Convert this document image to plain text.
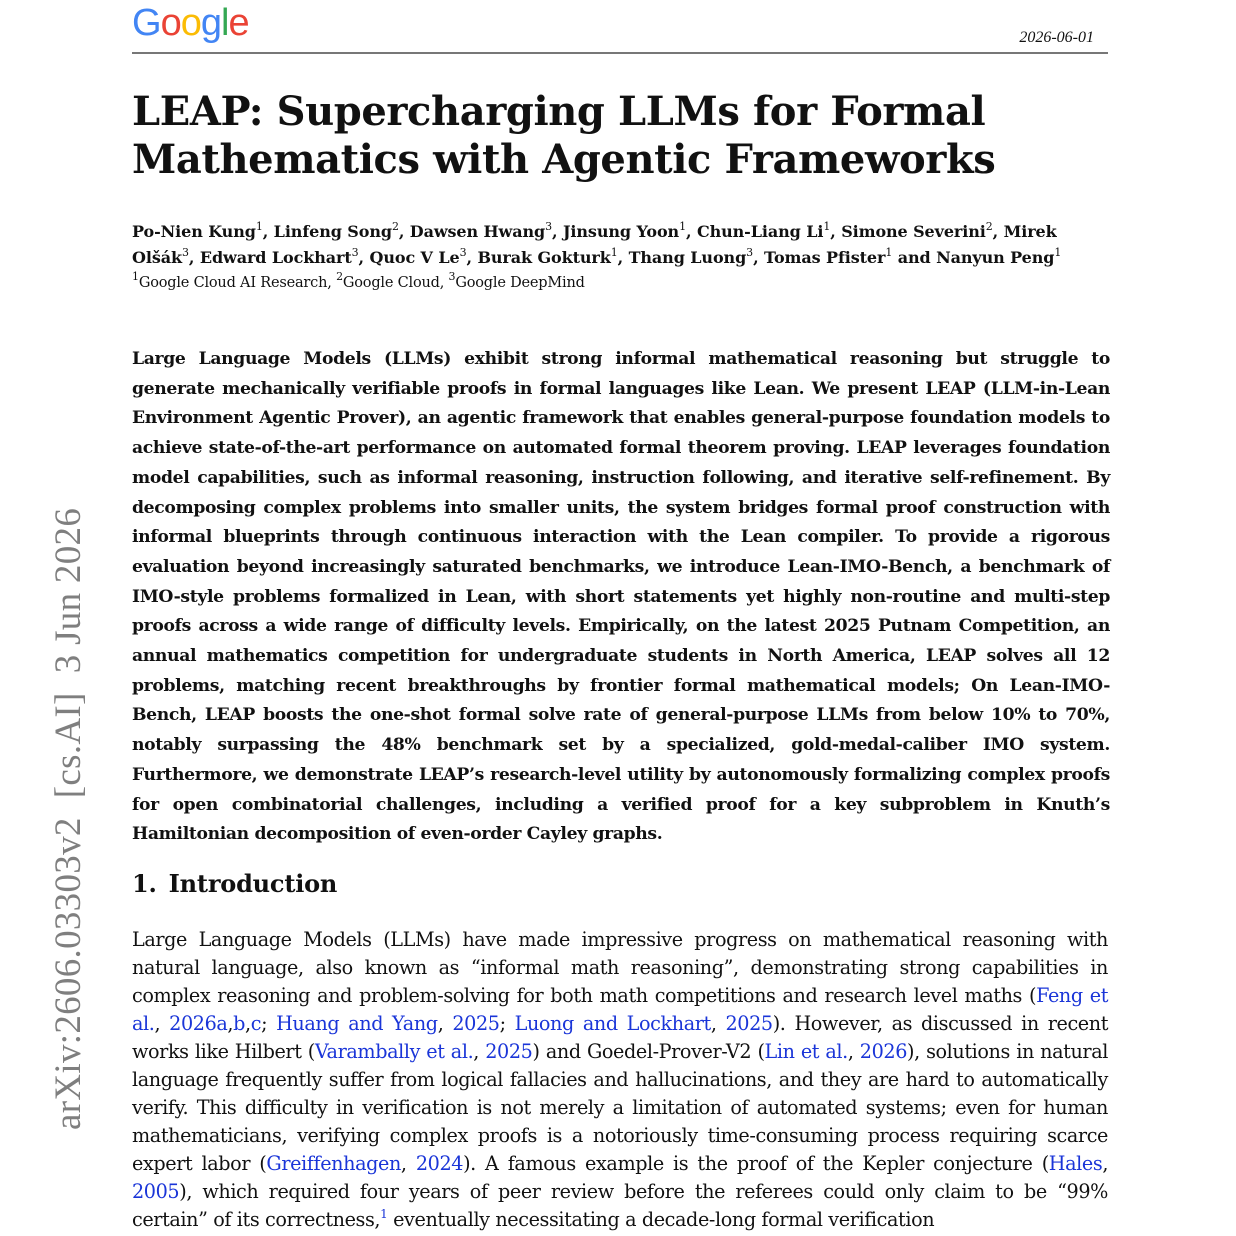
Google	2026-06-01
arXiv:2606.03303v2  [cs.AI]  3 Jun 2026
LEAP: Supercharging LLMs for Formal Mathematics with Agentic Frameworks
Po-Nien Kung$^1$, Linfeng Song$^2$, Dawsen Hwang$^3$, Jinsung Yoon$^1$, Chun-Liang Li$^1$, Simone Severini$^2$, Mirek Olšák$^3$, Edward Lockhart$^3$, Quoc V Le$^3$, Burak Gokturk$^1$, Thang Luong$^3$, Tomas Pfister$^1$ and Nanyun Peng$^1$
$^1$Google Cloud AI Research, $^2$Google Cloud, $^3$Google DeepMind

Large Language Models (LLMs) exhibit strong informal mathematical reasoning but struggle to generate mechanically verifiable proofs in formal languages like Lean. We present LEAP (LLM-in-Lean Environment Agentic Prover), an agentic framework that enables general-purpose foundation models to achieve state-of-the-art performance on automated formal theorem proving. LEAP leverages foundation model capabilities, such as informal reasoning, instruction following, and iterative self-refinement. By decomposing complex problems into smaller units, the system bridges formal proof construction with informal blueprints through continuous interaction with the Lean compiler. To provide a rigorous evaluation beyond increasingly saturated benchmarks, we introduce Lean-IMO-Bench, a benchmark of IMO-style problems formalized in Lean, with short statements yet highly non-routine and multi-step proofs across a wide range of difficulty levels. Empirically, on the latest 2025 Putnam Competition, an annual mathematics competition for undergraduate students in North America, LEAP solves all 12 problems, matching recent breakthroughs by frontier formal mathematical models; On Lean-IMO-Bench, LEAP boosts the one-shot formal solve rate of general-purpose LLMs from below 10% to 70%, notably surpassing the 48% benchmark set by a specialized, gold-medal-caliber IMO system. Furthermore, we demonstrate LEAP’s research-level utility by autonomously formalizing complex proofs for open combinatorial challenges, including a verified proof for a key subproblem in Knuth’s Hamiltonian decomposition of even-order Cayley graphs.

1. Introduction

Large Language Models (LLMs) have made impressive progress on mathematical reasoning with natural language, also known as “informal math reasoning”, demonstrating strong capabilities in complex reasoning and problem-solving for both math competitions and research level maths (Feng et al., 2026a,b,c; Huang and Yang, 2025; Luong and Lockhart, 2025). However, as discussed in recent works like Hilbert (Varambally et al., 2025) and Goedel-Prover-V2 (Lin et al., 2026), solutions in natural language frequently suffer from logical fallacies and hallucinations, and they are hard to automatically verify. This difficulty in verification is not merely a limitation of automated systems; even for human mathematicians, verifying complex proofs is a notoriously time-consuming process requiring scarce expert labor (Greiffenhagen, 2024). A famous example is the proof of the Kepler conjecture (Hales, 2005), which required four years of peer review before the referees could only claim to be “99% certain” of its correctness,$^1$ eventually necessitating a decade-long formal verification
